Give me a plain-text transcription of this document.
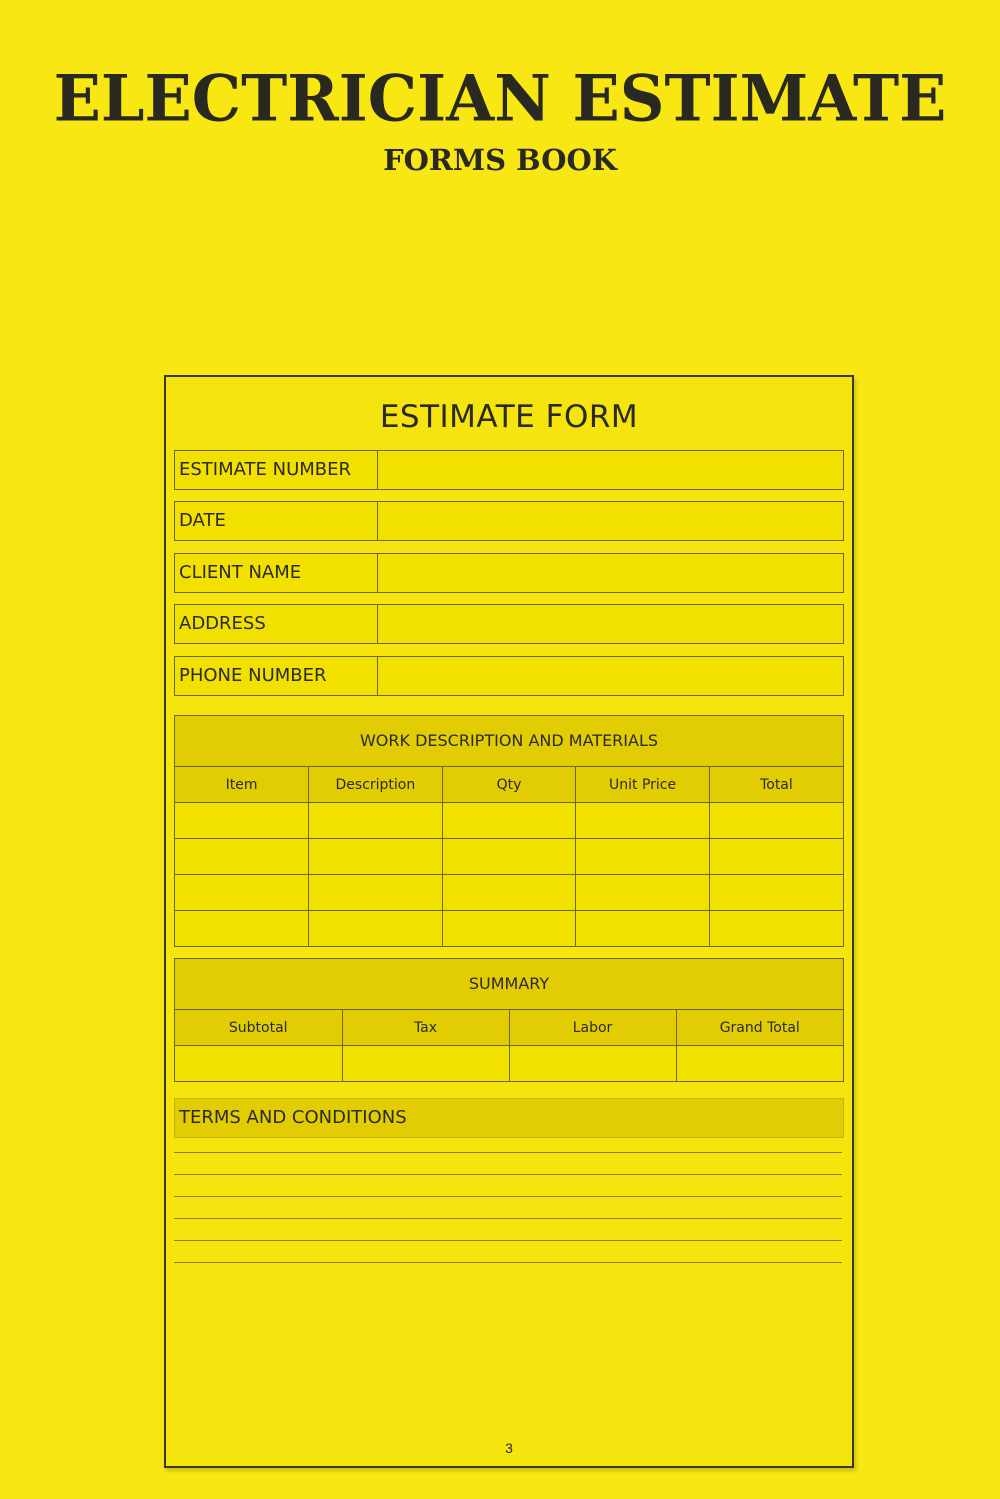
ELECTRICIAN ESTIMATE
FORMS BOOK
ESTIMATE FORM
ESTIMATE NUMBER
DATE
CLIENT NAME
ADDRESS
PHONE NUMBER
WORK DESCRIPTION AND MATERIALS
Item	Description	Qty	Unit Price	Total

SUMMARY
Subtotal	Tax	Labor	Grand Total

TERMS AND CONDITIONS
3
